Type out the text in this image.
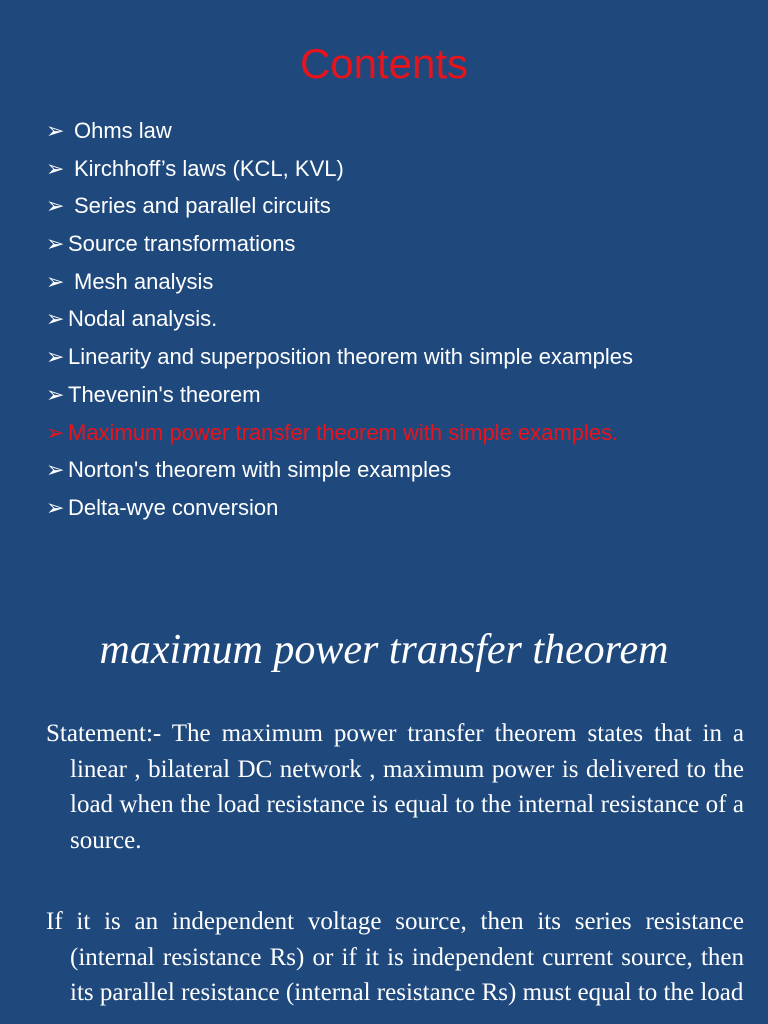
Contents
➢ Ohms law
➢ Kirchhoff’s laws (KCL, KVL)
➢ Series and parallel circuits
➢ Source transformations
➢ Mesh analysis
➢ Nodal analysis.
➢ Linearity and superposition theorem with simple examples
➢ Thevenin's theorem
➢ Maximum power transfer theorem with simple examples.
➢ Norton's theorem with simple examples
➢ Delta-wye conversion
maximum power transfer theorem

Statement:- The maximum power transfer theorem states that in a linear , bilateral DC network , maximum power is delivered to the load when the load resistance is equal to the internal resistance of a source.

If it is an independent voltage source, then its series resistance (internal resistance Rs) or if it is independent current source, then its parallel resistance (internal resistance Rs) must equal to the load
